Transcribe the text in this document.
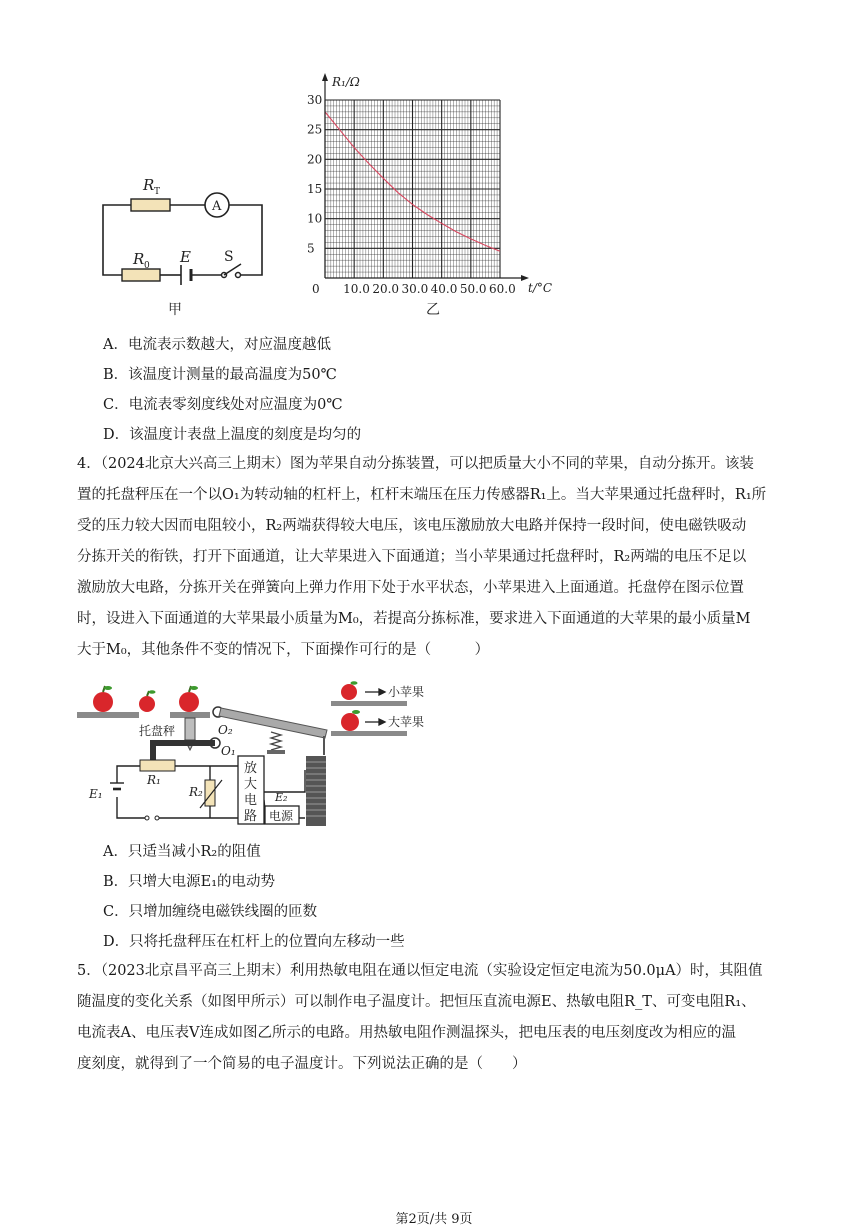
R T
A
R 0 E S
甲
0 10.0 20.0 30.0 40.0 50.0 60.0
5
10
15
20
25
30
R₁/Ω
t/°C
乙
A．电流表示数越大，对应温度越低
B．该温度计测量的最高温度为50℃
C．电流表零刻度线处对应温度为0℃
D．该温度计表盘上温度的刻度是均匀的
4．（2024北京大兴高三上期末）图为苹果自动分拣装置，可以把质量大小不同的苹果，自动分拣开。该装
置的托盘秤压在一个以O₁为转动轴的杠杆上，杠杆末端压在压力传感器R₁上。当大苹果通过托盘秤时，R₁所
受的压力较大因而电阻较小，R₂两端获得较大电压，该电压激励放大电路并保持一段时间，使电磁铁吸动
分拣开关的衔铁，打开下面通道，让大苹果进入下面通道；当小苹果通过托盘秤时，R₂两端的电压不足以
激励放大电路，分拣开关在弹簧向上弹力作用下处于水平状态，小苹果进入上面通道。托盘停在图示位置
时，设进入下面通道的大苹果最小质量为M₀，若提高分拣标准，要求进入下面通道的大苹果的最小质量M
大于M₀，其他条件不变的情况下，下面操作可行的是（　　　）
托盘秤
小苹果
大苹果
O₂
O₁
R₁
R₂
E₁	E₂
放
大
电
路 电源
A．只适当减小R₂的阻值
B．只增大电源E₁的电动势
C．只增加缠绕电磁铁线圈的匝数
D．只将托盘秤压在杠杆上的位置向左移动一些
5．（2023北京昌平高三上期末）利用热敏电阻在通以恒定电流（实验设定恒定电流为50.0μA）时，其阻值
随温度的变化关系（如图甲所示）可以制作电子温度计。把恒压直流电源E、热敏电阻R_T、可变电阻R₁、
电流表A、电压表V连成如图乙所示的电路。用热敏电阻作测温探头，把电压表的电压刻度改为相应的温
度刻度，就得到了一个简易的电子温度计。下列说法正确的是（　　）
第2页/共 9页
